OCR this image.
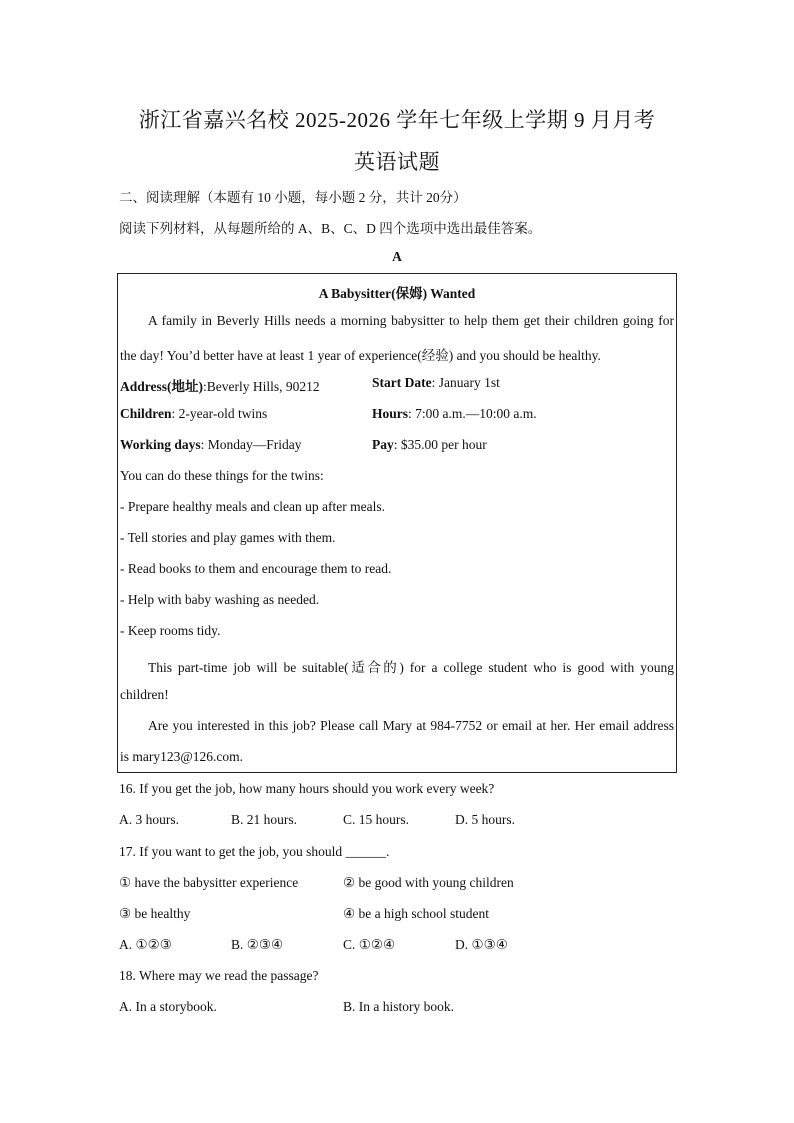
浙江省嘉兴名校 2025-2026 学年七年级上学期 9 月月考
英语试题
二、阅读理解（本题有 10 小题，每小题 2 分，共计 20分）
阅读下列材料，从每题所给的 A、B、C、D 四个选项中选出最佳答案。
A
A Babysitter(保姆) Wanted
A family in Beverly Hills needs a morning babysitter to help them get their children going for
the day! You’d better have at least 1 year of experience(经验) and you should be healthy.
Address(地址):Beverly Hills, 90212	Start Date: January 1st
Children: 2-year-old twins	Hours: 7:00 a.m.—10:00 a.m.
Working days: Monday—Friday	Pay: $35.00 per hour
You can do these things for the twins:
- Prepare healthy meals and clean up after meals.
- Tell stories and play games with them.
- Read books to them and encourage them to read.
- Help with baby washing as needed.
- Keep rooms tidy.
This part-time job will be suitable(适合的) for a college student who is good with young
children!
Are you interested in this job? Please call Mary at 984-7752 or email at her. Her email address
is mary123@126.com.
16. If you get the job, how many hours should you work every week?
A. 3 hours.	B. 21 hours.	C. 15 hours.	D. 5 hours.
17. If you want to get the job, you should ______.
① have the babysitter experience	② be good with young children
③ be healthy	④ be a high school student
A. ①②③	B. ②③④	C. ①②④	D. ①③④
18. Where may we read the passage?
A. In a storybook.	B. In a history book.
